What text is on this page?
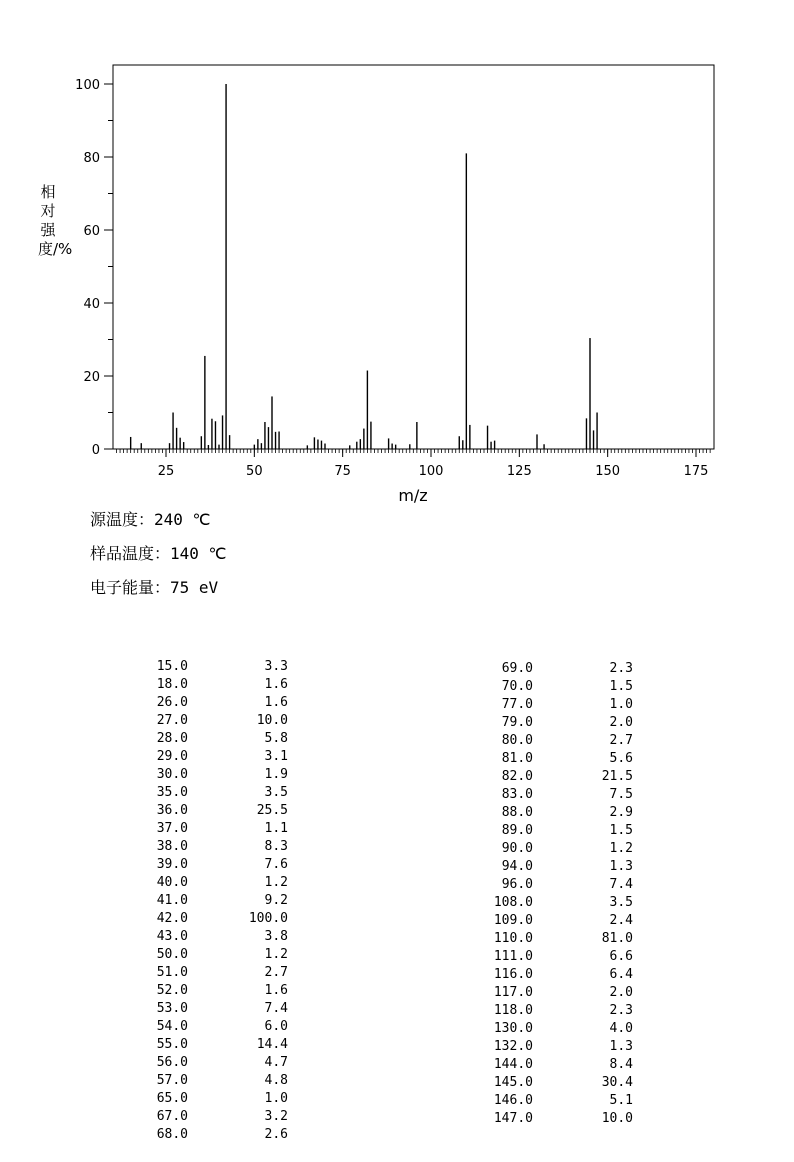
25	50	75	100	125	150	175
0
20
40
60
80
100
相对强度/%
m/z
源温度：240 ℃
样品温度：140 ℃
电子能量：75 eV
15.0	3.3
18.0	1.6
26.0	1.6
27.0	10.0
28.0	5.8
29.0	3.1
30.0	1.9
35.0	3.5
36.0	25.5
37.0	1.1
38.0	8.3
39.0	7.6
40.0	1.2
41.0	9.2
42.0	100.0
43.0	3.8
50.0	1.2
51.0	2.7
52.0	1.6
53.0	7.4
54.0	6.0
55.0	14.4
56.0	4.7
57.0	4.8
65.0	1.0
67.0	3.2
68.0	2.6
69.0	2.3
70.0	1.5
77.0	1.0
79.0	2.0
80.0	2.7
81.0	5.6
82.0	21.5
83.0	7.5
88.0	2.9
89.0	1.5
90.0	1.2
94.0	1.3
96.0	7.4
108.0	3.5
109.0	2.4
110.0	81.0
111.0	6.6
116.0	6.4
117.0	2.0
118.0	2.3
130.0	4.0
132.0	1.3
144.0	8.4
145.0	30.4
146.0	5.1
147.0	10.0
